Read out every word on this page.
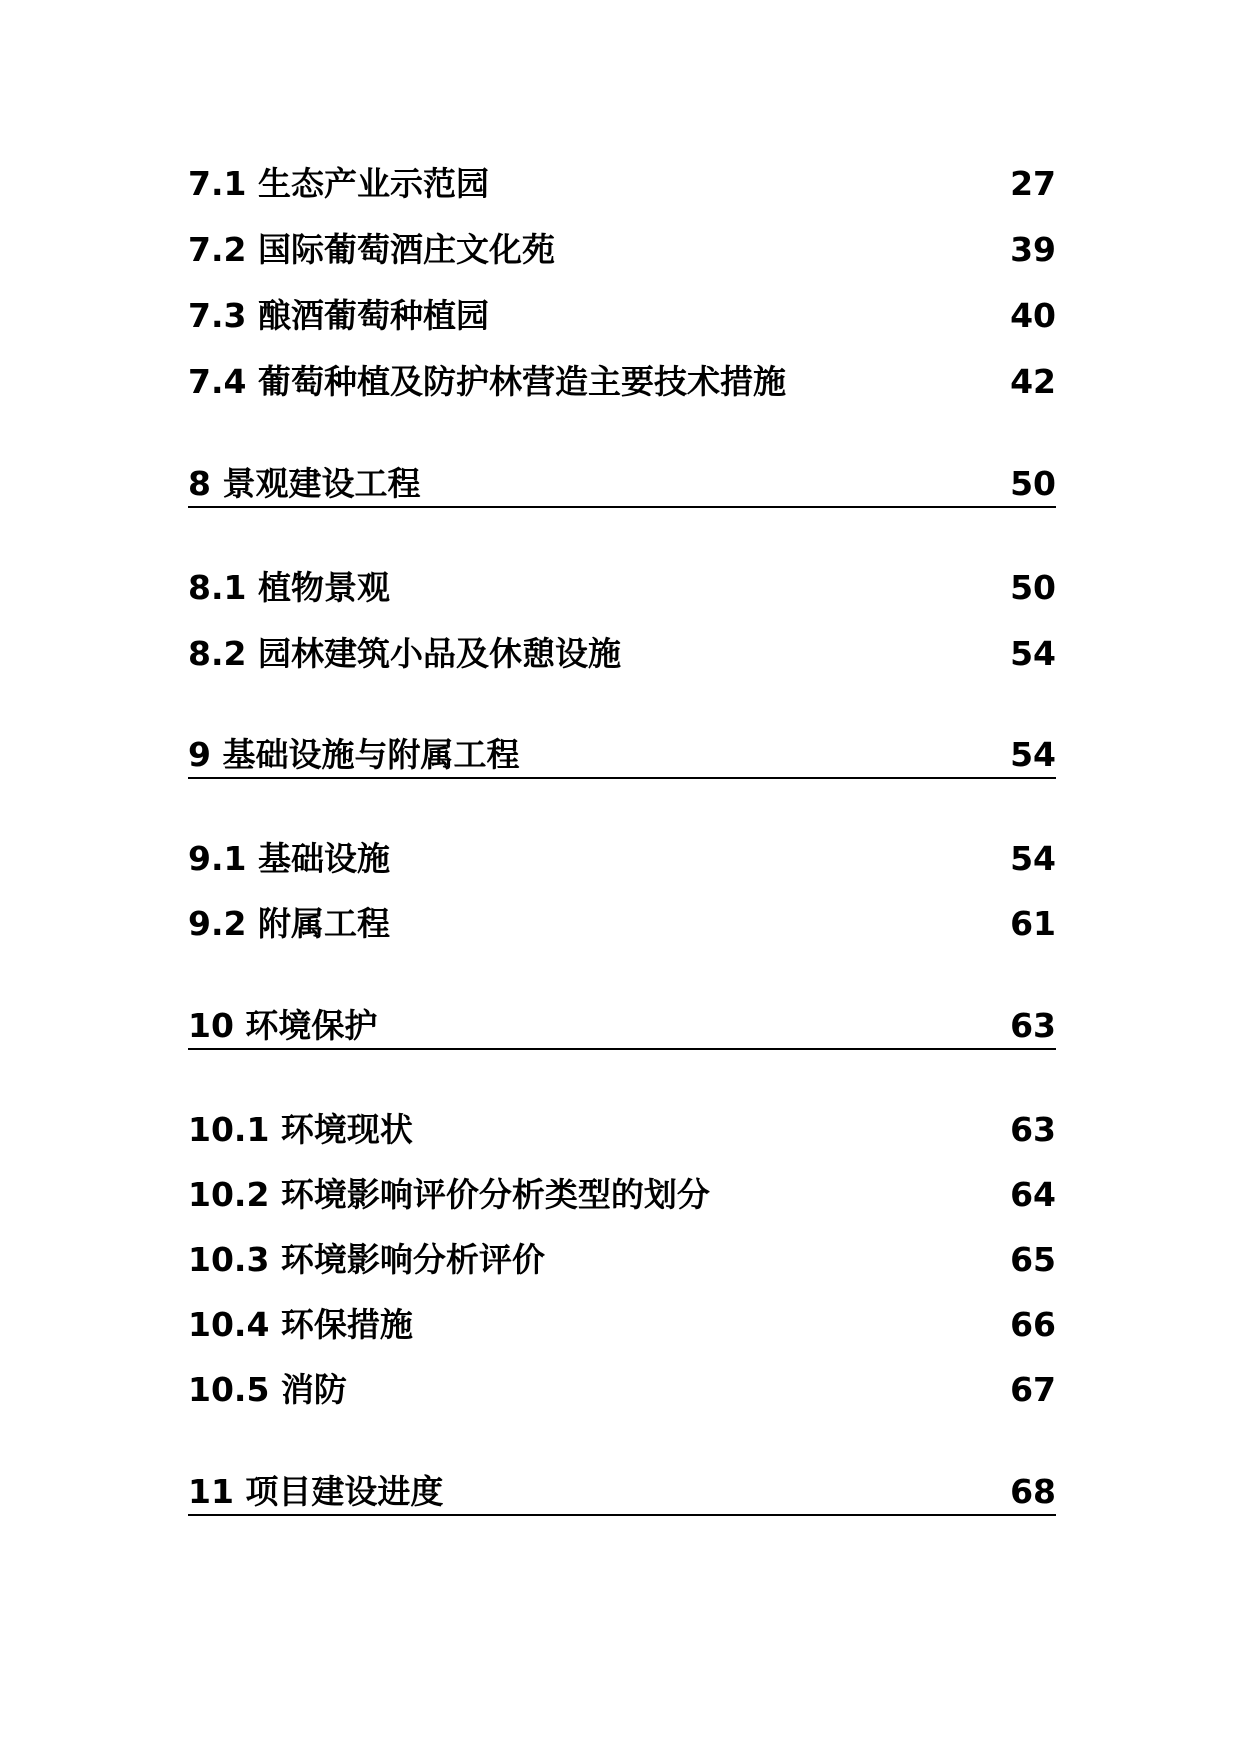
7.1 生态产业示范园	27
7.2 国际葡萄酒庄文化苑	39
7.3 酿酒葡萄种植园	40
7.4 葡萄种植及防护林营造主要技术措施	42
8 景观建设工程	50
8.1 植物景观	50
8.2 园林建筑小品及休憩设施	54
9 基础设施与附属工程	54
9.1 基础设施	54
9.2 附属工程	61
10 环境保护	63
10.1 环境现状	63
10.2 环境影响评价分析类型的划分	64
10.3 环境影响分析评价	65
10.4 环保措施	66
10.5 消防	67
11 项目建设进度	68
